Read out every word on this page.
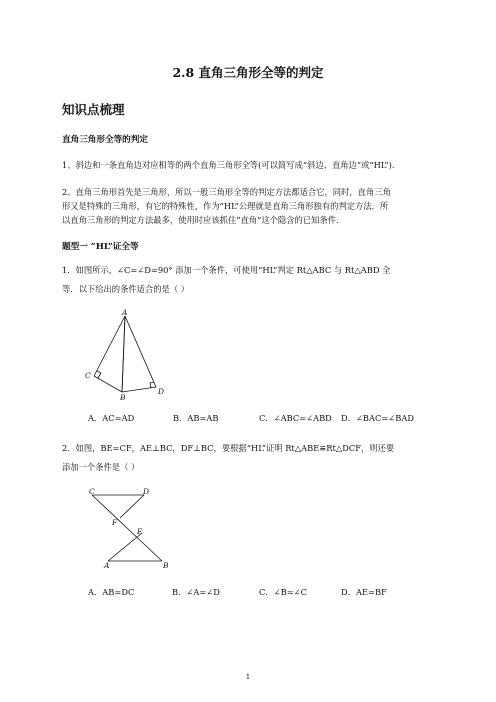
2.8 直角三角形全等的判定
知识点梳理
直角三角形全等的判定
1、斜边和一条直角边对应相等的两个直角三角形全等(可以简写成“斜边、直角边”或“HL”).
2、直角三角形首先是三角形，所以一般三角形全等的判定方法都适合它，同时，直角三角
形又是特殊的三角形，有它的特殊性，作为“HL”公理就是直角三角形独有的判定方法．所
以直角三角形的判定方法最多，使用时应该抓住“直角”这个隐含的已知条件．
题型一 “HL”证全等
1．如图所示，∠C=∠D=90° 添加一个条件，可使用“HL”判定 Rt△ABC 与 Rt△ABD 全
等．以下给出的条件适合的是（ ）
A
C
B
D
A．AC=AD	B．AB=AB	C．∠ABC=∠ABD D．∠BAC=∠BAD
2．如图，BE=CF，AE⊥BC，DF⊥BC，要根据“HL”证明 Rt△ABE≌Rt△DCF，则还要
添加一个条件是（ ）
C	D
F
E
A	B
A．AB=DC	B．∠A=∠D	C．∠B=∠C	D．AE=BF
1
